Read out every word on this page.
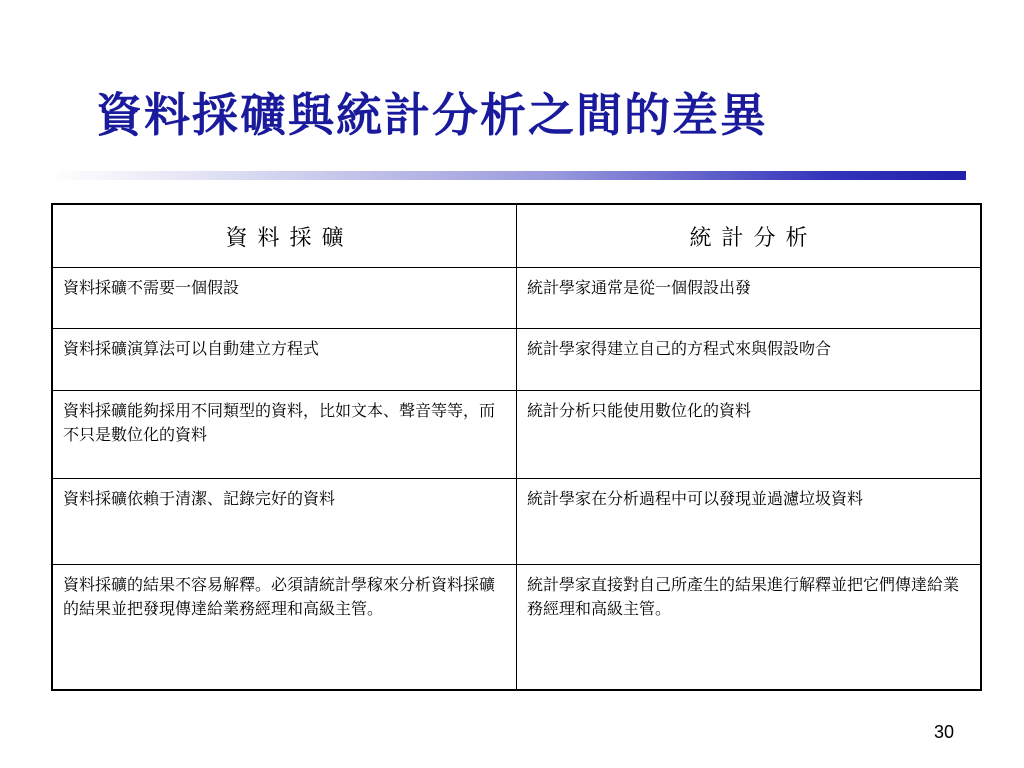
資料採礦與統計分析之間的差異
資料採礦	統計分析
資料採礦不需要一個假設	統計學家通常是從一個假設出發
資料採礦演算法可以自動建立方程式	統計學家得建立自己的方程式來與假設吻合
資料採礦能夠採用不同類型的資料，比如文本、聲音等等，而不只是數位化的資料	統計分析只能使用數位化的資料
資料採礦依賴于清潔、記錄完好的資料	統計學家在分析過程中可以發現並過濾垃圾資料
資料採礦的結果不容易解釋。必須請統計學稼來分析資料採礦的結果並把發現傳達給業務經理和高級主管。	統計學家直接對自己所產生的結果進行解釋並把它們傳達給業務經理和高級主管。
30
